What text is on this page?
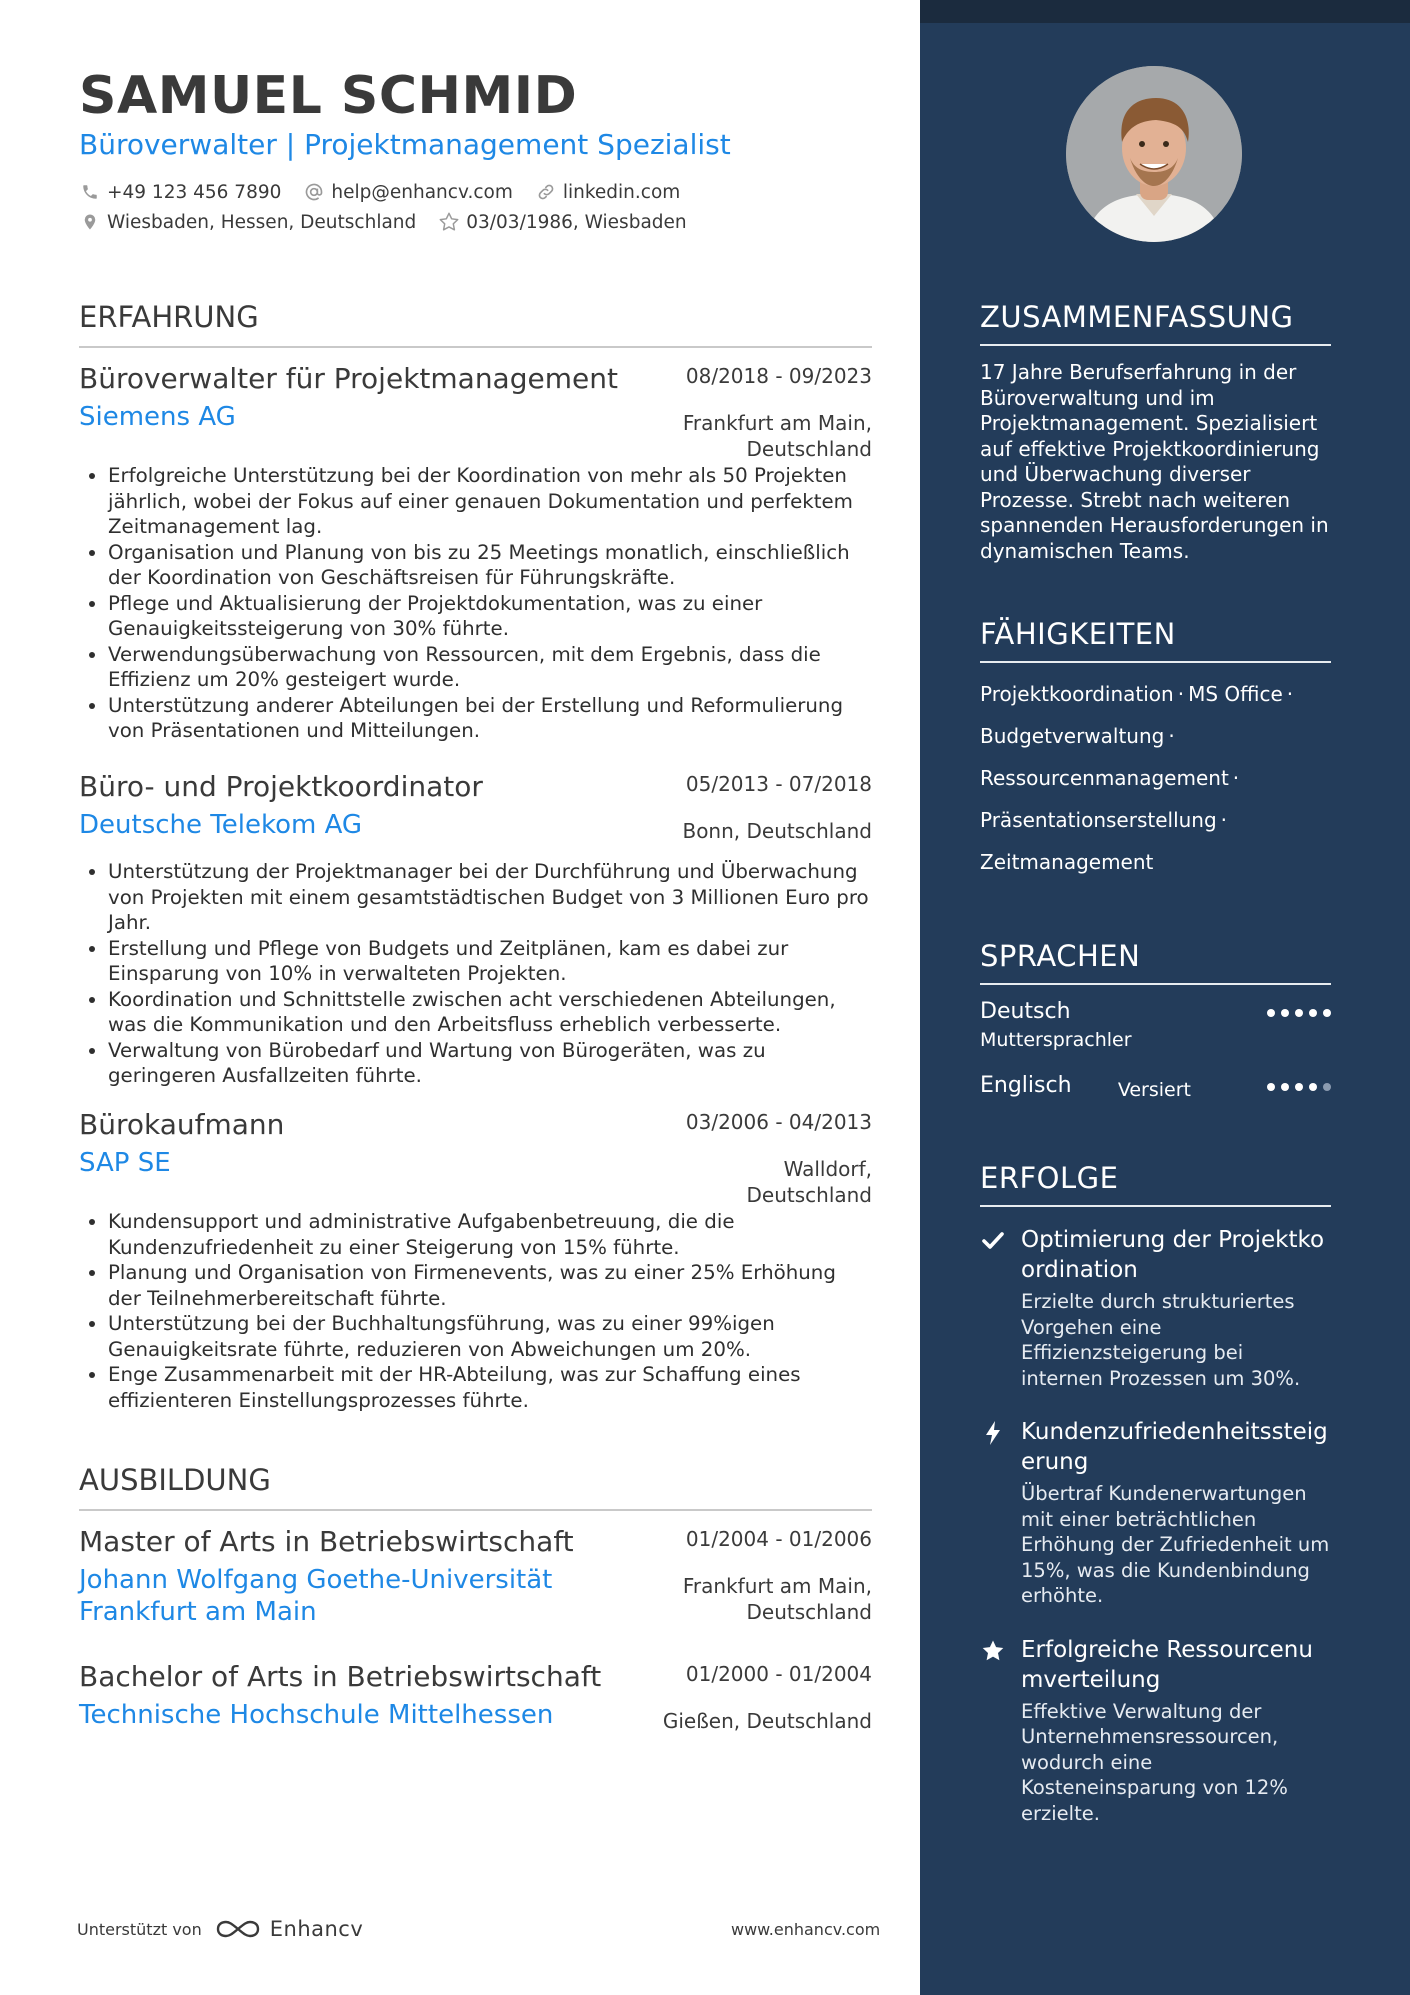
SAMUEL SCHMID
Büroverwalter | Projektmanagement Spezialist
+49 123 456 7890	help@enhancv.com	linkedin.com
Wiesbaden, Hessen, Deutschland	03/03/1986, Wiesbaden
ERFAHRUNG
Büroverwalter für Projektmanagement	08/2018 - 09/2023
Siemens AG	Frankfurt am Main,
Deutschland
• Erfolgreiche Unterstützung bei der Koordination von mehr als 50 Projekten jährlich, wobei der Fokus auf einer genauen Dokumentation und perfektem Zeitmanagement lag.
• Organisation und Planung von bis zu 25 Meetings monatlich, einschließlich der Koordination von Geschäftsreisen für Führungskräfte.
• Pflege und Aktualisierung der Projektdokumentation, was zu einer Genauigkeitssteigerung von 30% führte.
• Verwendungsüberwachung von Ressourcen, mit dem Ergebnis, dass die Effizienz um 20% gesteigert wurde.
• Unterstützung anderer Abteilungen bei der Erstellung und Reformulierung von Präsentationen und Mitteilungen.
Büro- und Projektkoordinator	05/2013 - 07/2018
Deutsche Telekom AG	Bonn, Deutschland
• Unterstützung der Projektmanager bei der Durchführung und Überwachung von Projekten mit einem gesamtstädtischen Budget von 3 Millionen Euro pro Jahr.
• Erstellung und Pflege von Budgets und Zeitplänen, kam es dabei zur Einsparung von 10% in verwalteten Projekten.
• Koordination und Schnittstelle zwischen acht verschiedenen Abteilungen, was die Kommunikation und den Arbeitsfluss erheblich verbesserte.
• Verwaltung von Bürobedarf und Wartung von Bürogeräten, was zu geringeren Ausfallzeiten führte.
Bürokaufmann	03/2006 - 04/2013
SAP SE	Walldorf,
Deutschland
• Kundensupport und administrative Aufgabenbetreuung, die die Kundenzufriedenheit zu einer Steigerung von 15% führte.
• Planung und Organisation von Firmenevents, was zu einer 25% Erhöhung der Teilnehmerbereitschaft führte.
• Unterstützung bei der Buchhaltungsführung, was zu einer 99%igen Genauigkeitsrate führte, reduzieren von Abweichungen um 20%.
• Enge Zusammenarbeit mit der HR-Abteilung, was zur Schaffung eines effizienteren Einstellungsprozesses führte.
AUSBILDUNG
Master of Arts in Betriebswirtschaft	01/2004 - 01/2006
Johann Wolfgang Goethe-Universität
Frankfurt am Main
Frankfurt am Main,
Deutschland
Bachelor of Arts in Betriebswirtschaft	01/2000 - 01/2004
Technische Hochschule Mittelhessen	Gießen, Deutschland
Unterstützt von	Enhancv	www.enhancv.com
ZUSAMMENFASSUNG
17 Jahre Berufserfahrung in der Büroverwaltung und im Projektmanagement. Spezialisiert auf effektive Projektkoordinierung und Überwachung diverser Prozesse. Strebt nach weiteren spannenden Herausforderungen in dynamischen Teams.
FÄHIGKEITEN
Projektkoordination · MS Office ·
Budgetverwaltung ·
Ressourcenmanagement ·
Präsentationserstellung ·
Zeitmanagement
SPRACHEN
Deutsch
Muttersprachler
Englisch Versiert
ERFOLGE
Optimierung der Projektkoordination
Erzielte durch strukturiertes Vorgehen eine Effizienzsteigerung bei internen Prozessen um 30%.
Kundenzufriedenheitssteigerung
Übertraf Kundenerwartungen mit einer beträchtlichen Erhöhung der Zufriedenheit um 15%, was die Kundenbindung erhöhte.
Erfolgreiche Ressourcenumverteilung
Effektive Verwaltung der Unternehmensressourcen, wodurch eine Kosteneinsparung von 12% erzielte.
